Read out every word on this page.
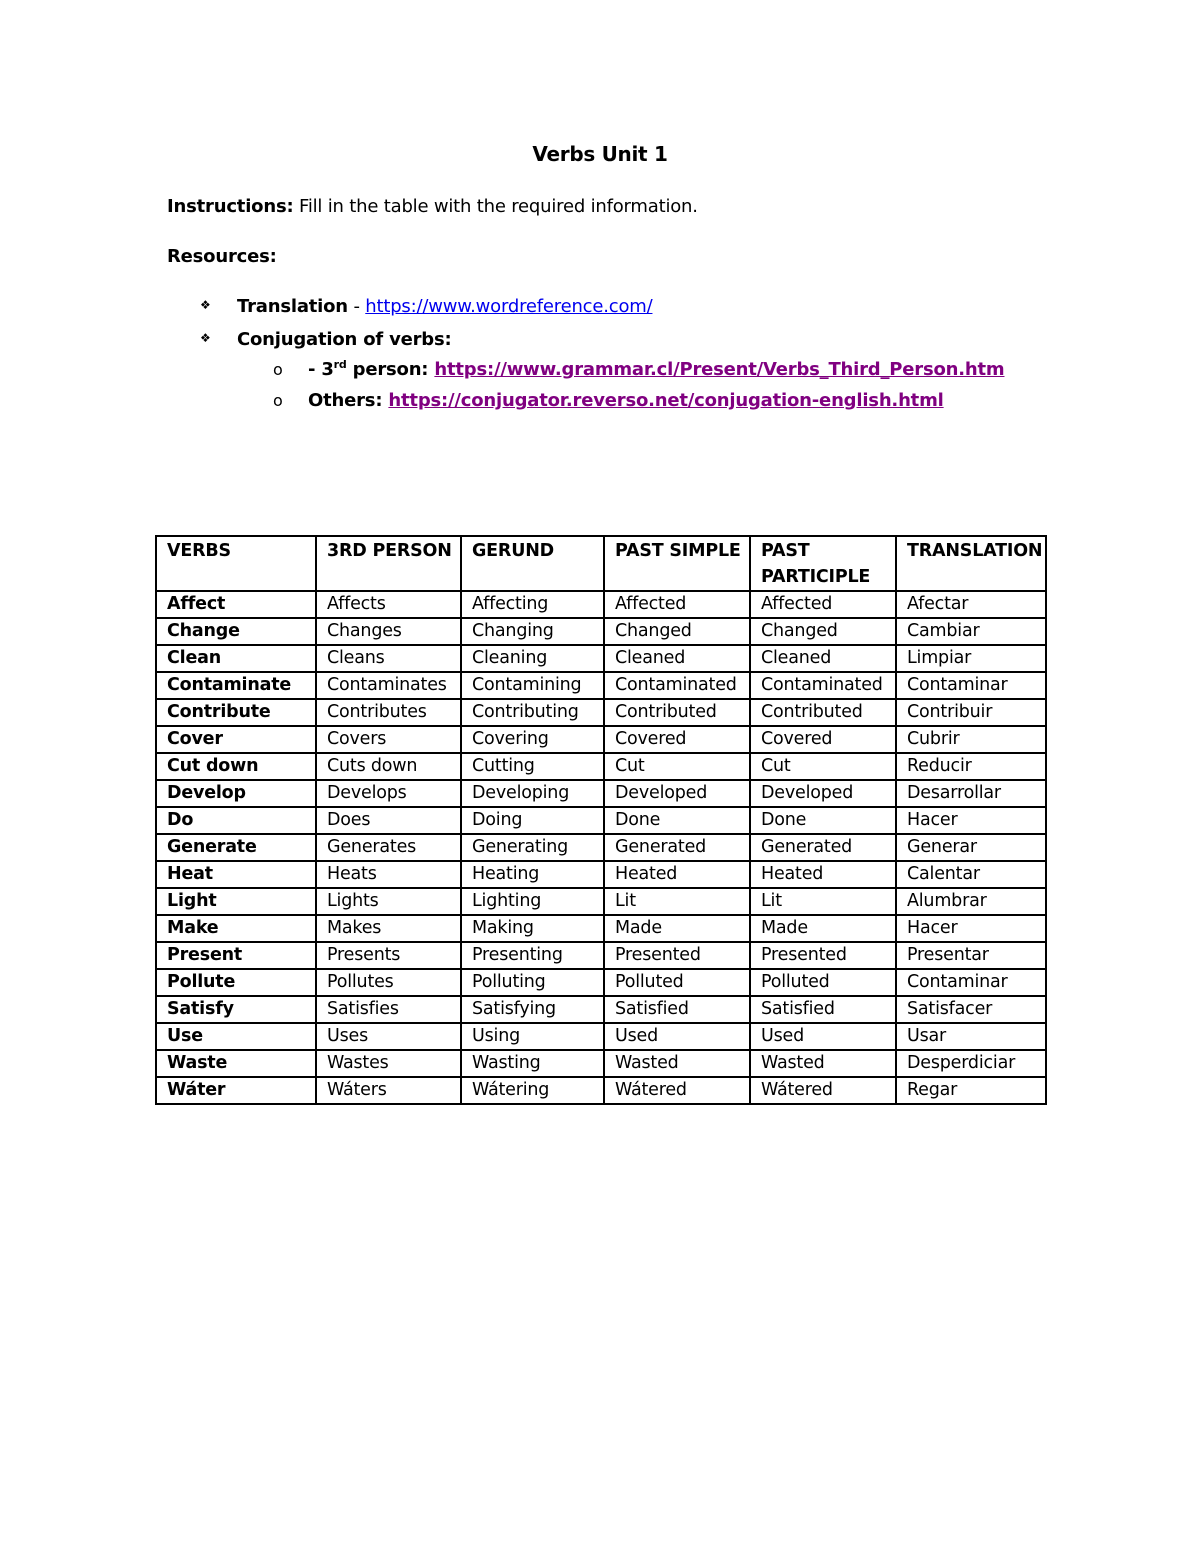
Verbs Unit 1
Instructions: Fill in the table with the required information.
Resources:
❖ Translation - https://www.wordreference.com/
❖ Conjugation of verbs:
o - 3rd person: https://www.grammar.cl/Present/Verbs_Third_Person.htm
o Others: https://conjugator.reverso.net/conjugation-english.html
VERBS	3RD PERSON	GERUND	PAST SIMPLE	PAST PARTICIPLE	TRANSLATION
Affect	Affects	Affecting	Affected	Affected	Afectar
Change	Changes	Changing	Changed	Changed	Cambiar
Clean	Cleans	Cleaning	Cleaned	Cleaned	Limpiar
Contaminate	Contaminates	Contamining	Contaminated	Contaminated	Contaminar
Contribute	Contributes	Contributing	Contributed	Contributed	Contribuir
Cover	Covers	Covering	Covered	Covered	Cubrir
Cut down	Cuts down	Cutting	Cut	Cut	Reducir
Develop	Develops	Developing	Developed	Developed	Desarrollar
Do	Does	Doing	Done	Done	Hacer
Generate	Generates	Generating	Generated	Generated	Generar
Heat	Heats	Heating	Heated	Heated	Calentar
Light	Lights	Lighting	Lit	Lit	Alumbrar
Make	Makes	Making	Made	Made	Hacer
Present	Presents	Presenting	Presented	Presented	Presentar
Pollute	Pollutes	Polluting	Polluted	Polluted	Contaminar
Satisfy	Satisfies	Satisfying	Satisfied	Satisfied	Satisfacer
Use	Uses	Using	Used	Used	Usar
Waste	Wastes	Wasting	Wasted	Wasted	Desperdiciar
Wáter	Wáters	Wátering	Wátered	Wátered	Regar
